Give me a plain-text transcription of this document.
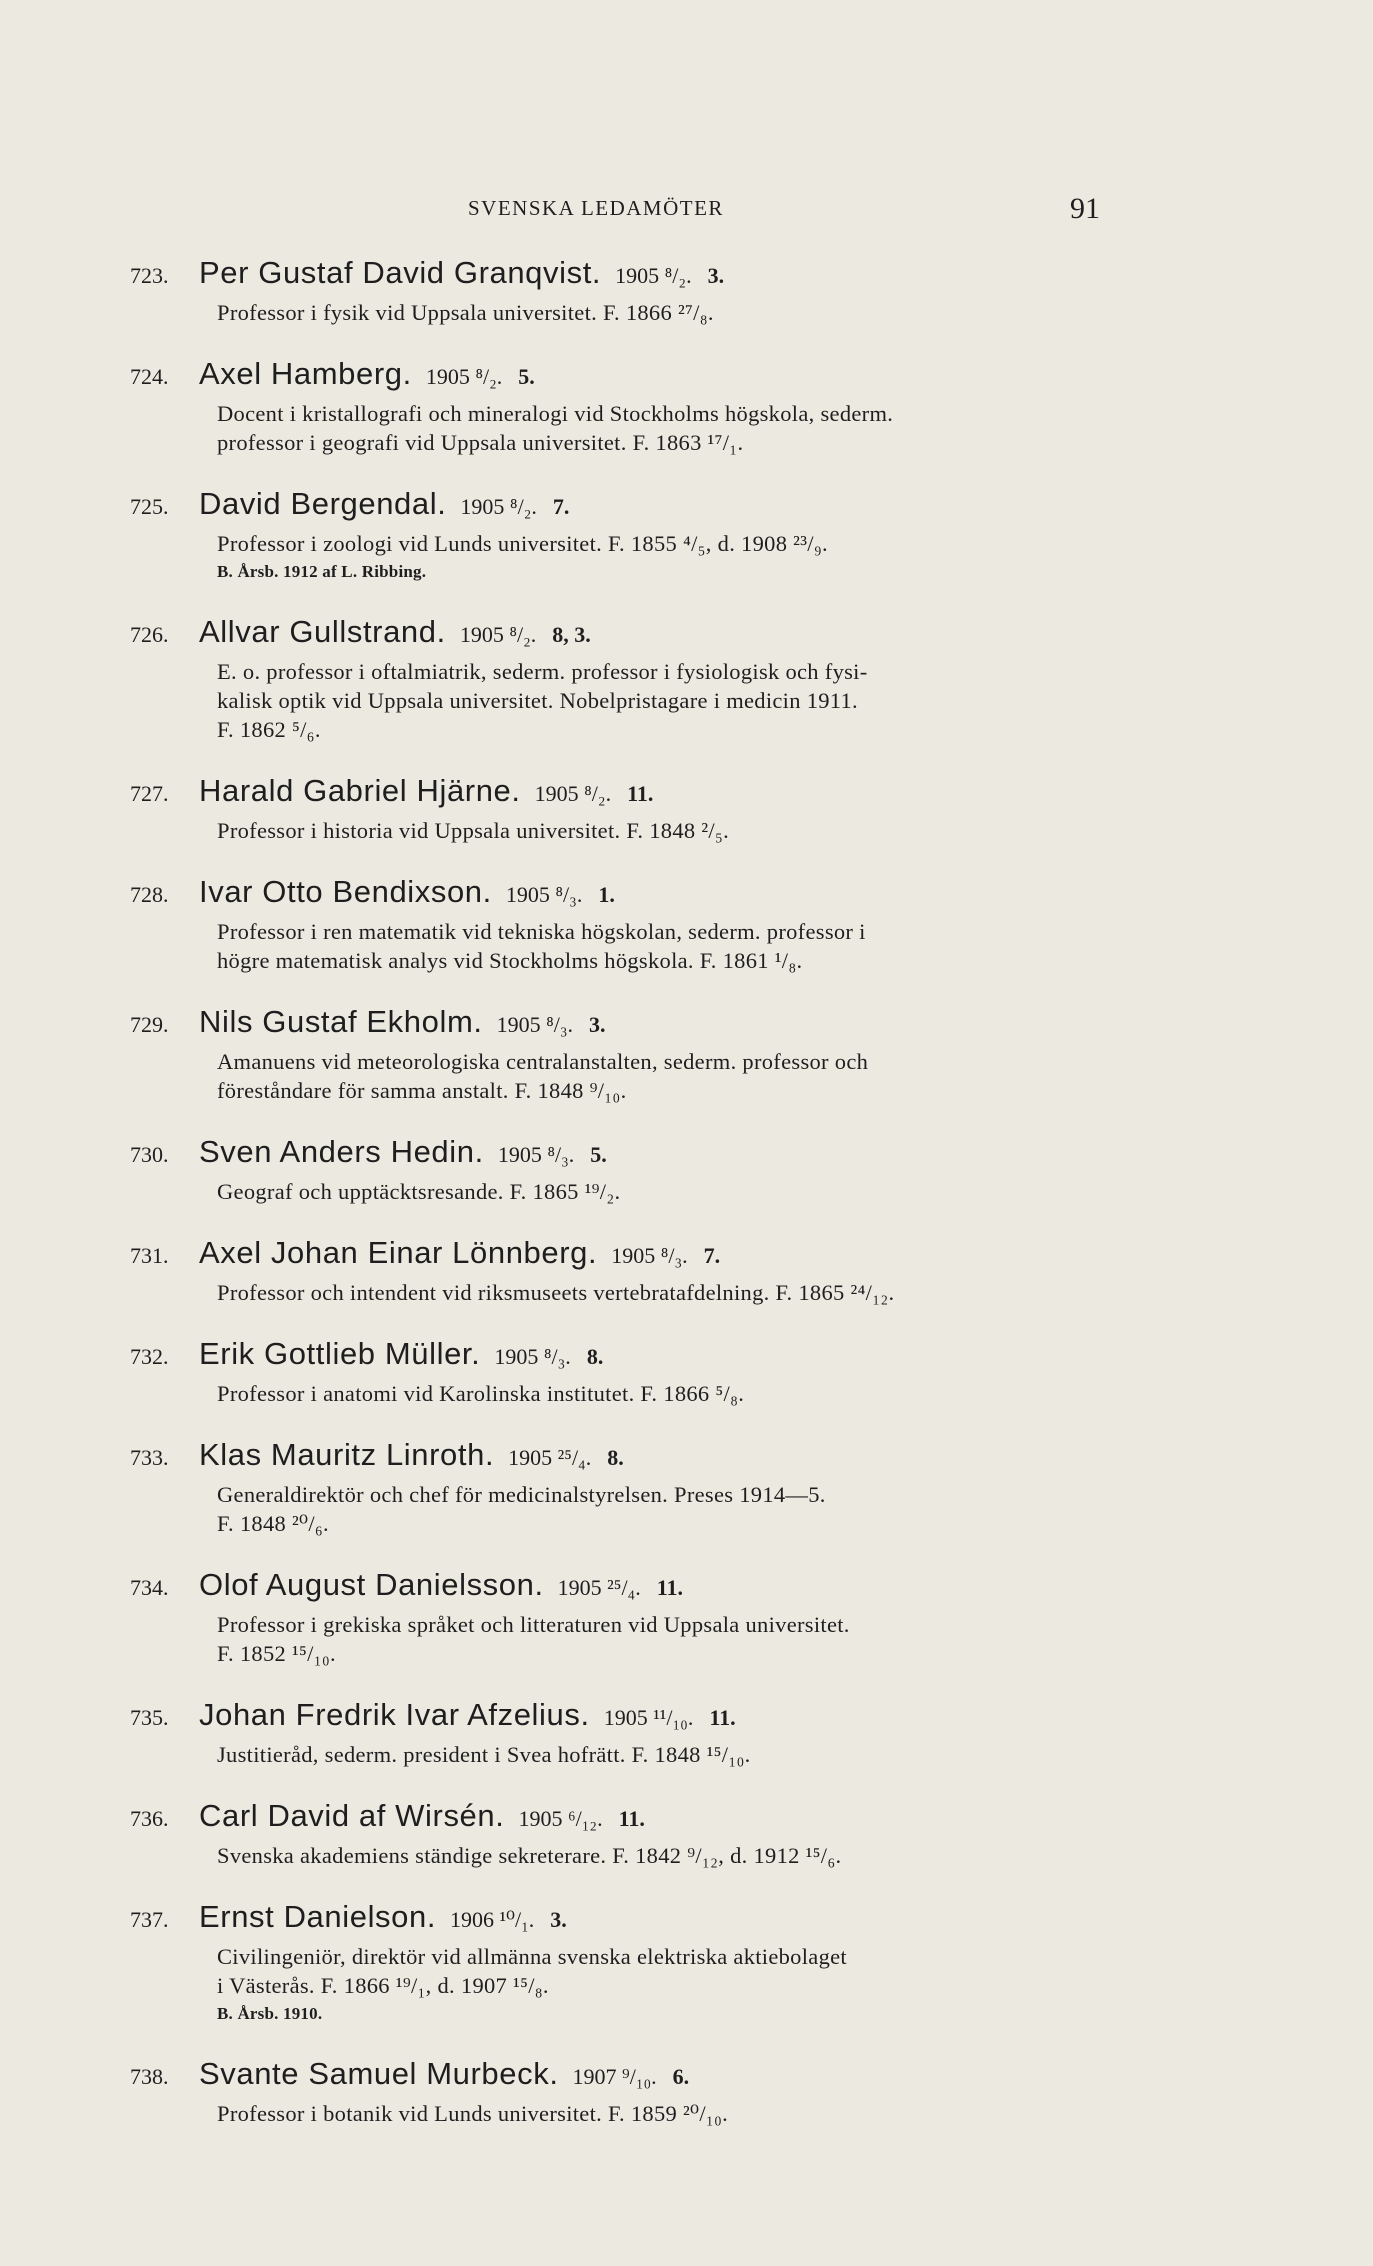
SVENSKA LEDAMÖTER	91
723. Per Gustaf David Granqvist. 1905 ⁸/₂. 3.
Professor i fysik vid Uppsala universitet. F. 1866 ²⁷/₈.
724. Axel Hamberg. 1905 ⁸/₂. 5.
Docent i kristallografi och mineralogi vid Stockholms högskola, sederm.
professor i geografi vid Uppsala universitet. F. 1863 ¹⁷/₁.
725. David Bergendal. 1905 ⁸/₂. 7.
Professor i zoologi vid Lunds universitet. F. 1855 ⁴/₅, d. 1908 ²³/₉.
B. Årsb. 1912 af L. Ribbing.
726. Allvar Gullstrand. 1905 ⁸/₂. 8, 3.
E. o. professor i oftalmiatrik, sederm. professor i fysiologisk och fysi-
kalisk optik vid Uppsala universitet. Nobelpristagare i medicin 1911.
F. 1862 ⁵/₆.
727. Harald Gabriel Hjärne. 1905 ⁸/₂. 11.
Professor i historia vid Uppsala universitet. F. 1848 ²/₅.
728. Ivar Otto Bendixson. 1905 ⁸/₃. 1.
Professor i ren matematik vid tekniska högskolan, sederm. professor i
högre matematisk analys vid Stockholms högskola. F. 1861 ¹/₈.
729. Nils Gustaf Ekholm. 1905 ⁸/₃. 3.
Amanuens vid meteorologiska centralanstalten, sederm. professor och
föreståndare för samma anstalt. F. 1848 ⁹/₁₀.
730. Sven Anders Hedin. 1905 ⁸/₃. 5.
Geograf och upptäcktsresande. F. 1865 ¹⁹/₂.
731. Axel Johan Einar Lönnberg. 1905 ⁸/₃. 7.
Professor och intendent vid riksmuseets vertebratafdelning. F. 1865 ²⁴/₁₂.
732. Erik Gottlieb Müller. 1905 ⁸/₃. 8.
Professor i anatomi vid Karolinska institutet. F. 1866 ⁵/₈.
733. Klas Mauritz Linroth. 1905 ²⁵/₄. 8.
Generaldirektör och chef för medicinalstyrelsen. Preses 1914—5.
F. 1848 ²⁰/₆.
734. Olof August Danielsson. 1905 ²⁵/₄. 11.
Professor i grekiska språket och litteraturen vid Uppsala universitet.
F. 1852 ¹⁵/₁₀.
735. Johan Fredrik Ivar Afzelius. 1905 ¹¹/₁₀. 11.
Justitieråd, sederm. president i Svea hofrätt. F. 1848 ¹⁵/₁₀.
736. Carl David af Wirsén. 1905 ⁶/₁₂. 11.
Svenska akademiens ständige sekreterare. F. 1842 ⁹/₁₂, d. 1912 ¹⁵/₆.
737. Ernst Danielson. 1906 ¹⁰/₁. 3.
Civilingeniör, direktör vid allmänna svenska elektriska aktiebolaget
i Västerås. F. 1866 ¹⁹/₁, d. 1907 ¹⁵/₈.
B. Årsb. 1910.
738. Svante Samuel Murbeck. 1907 ⁹/₁₀. 6.
Professor i botanik vid Lunds universitet. F. 1859 ²⁰/₁₀.
